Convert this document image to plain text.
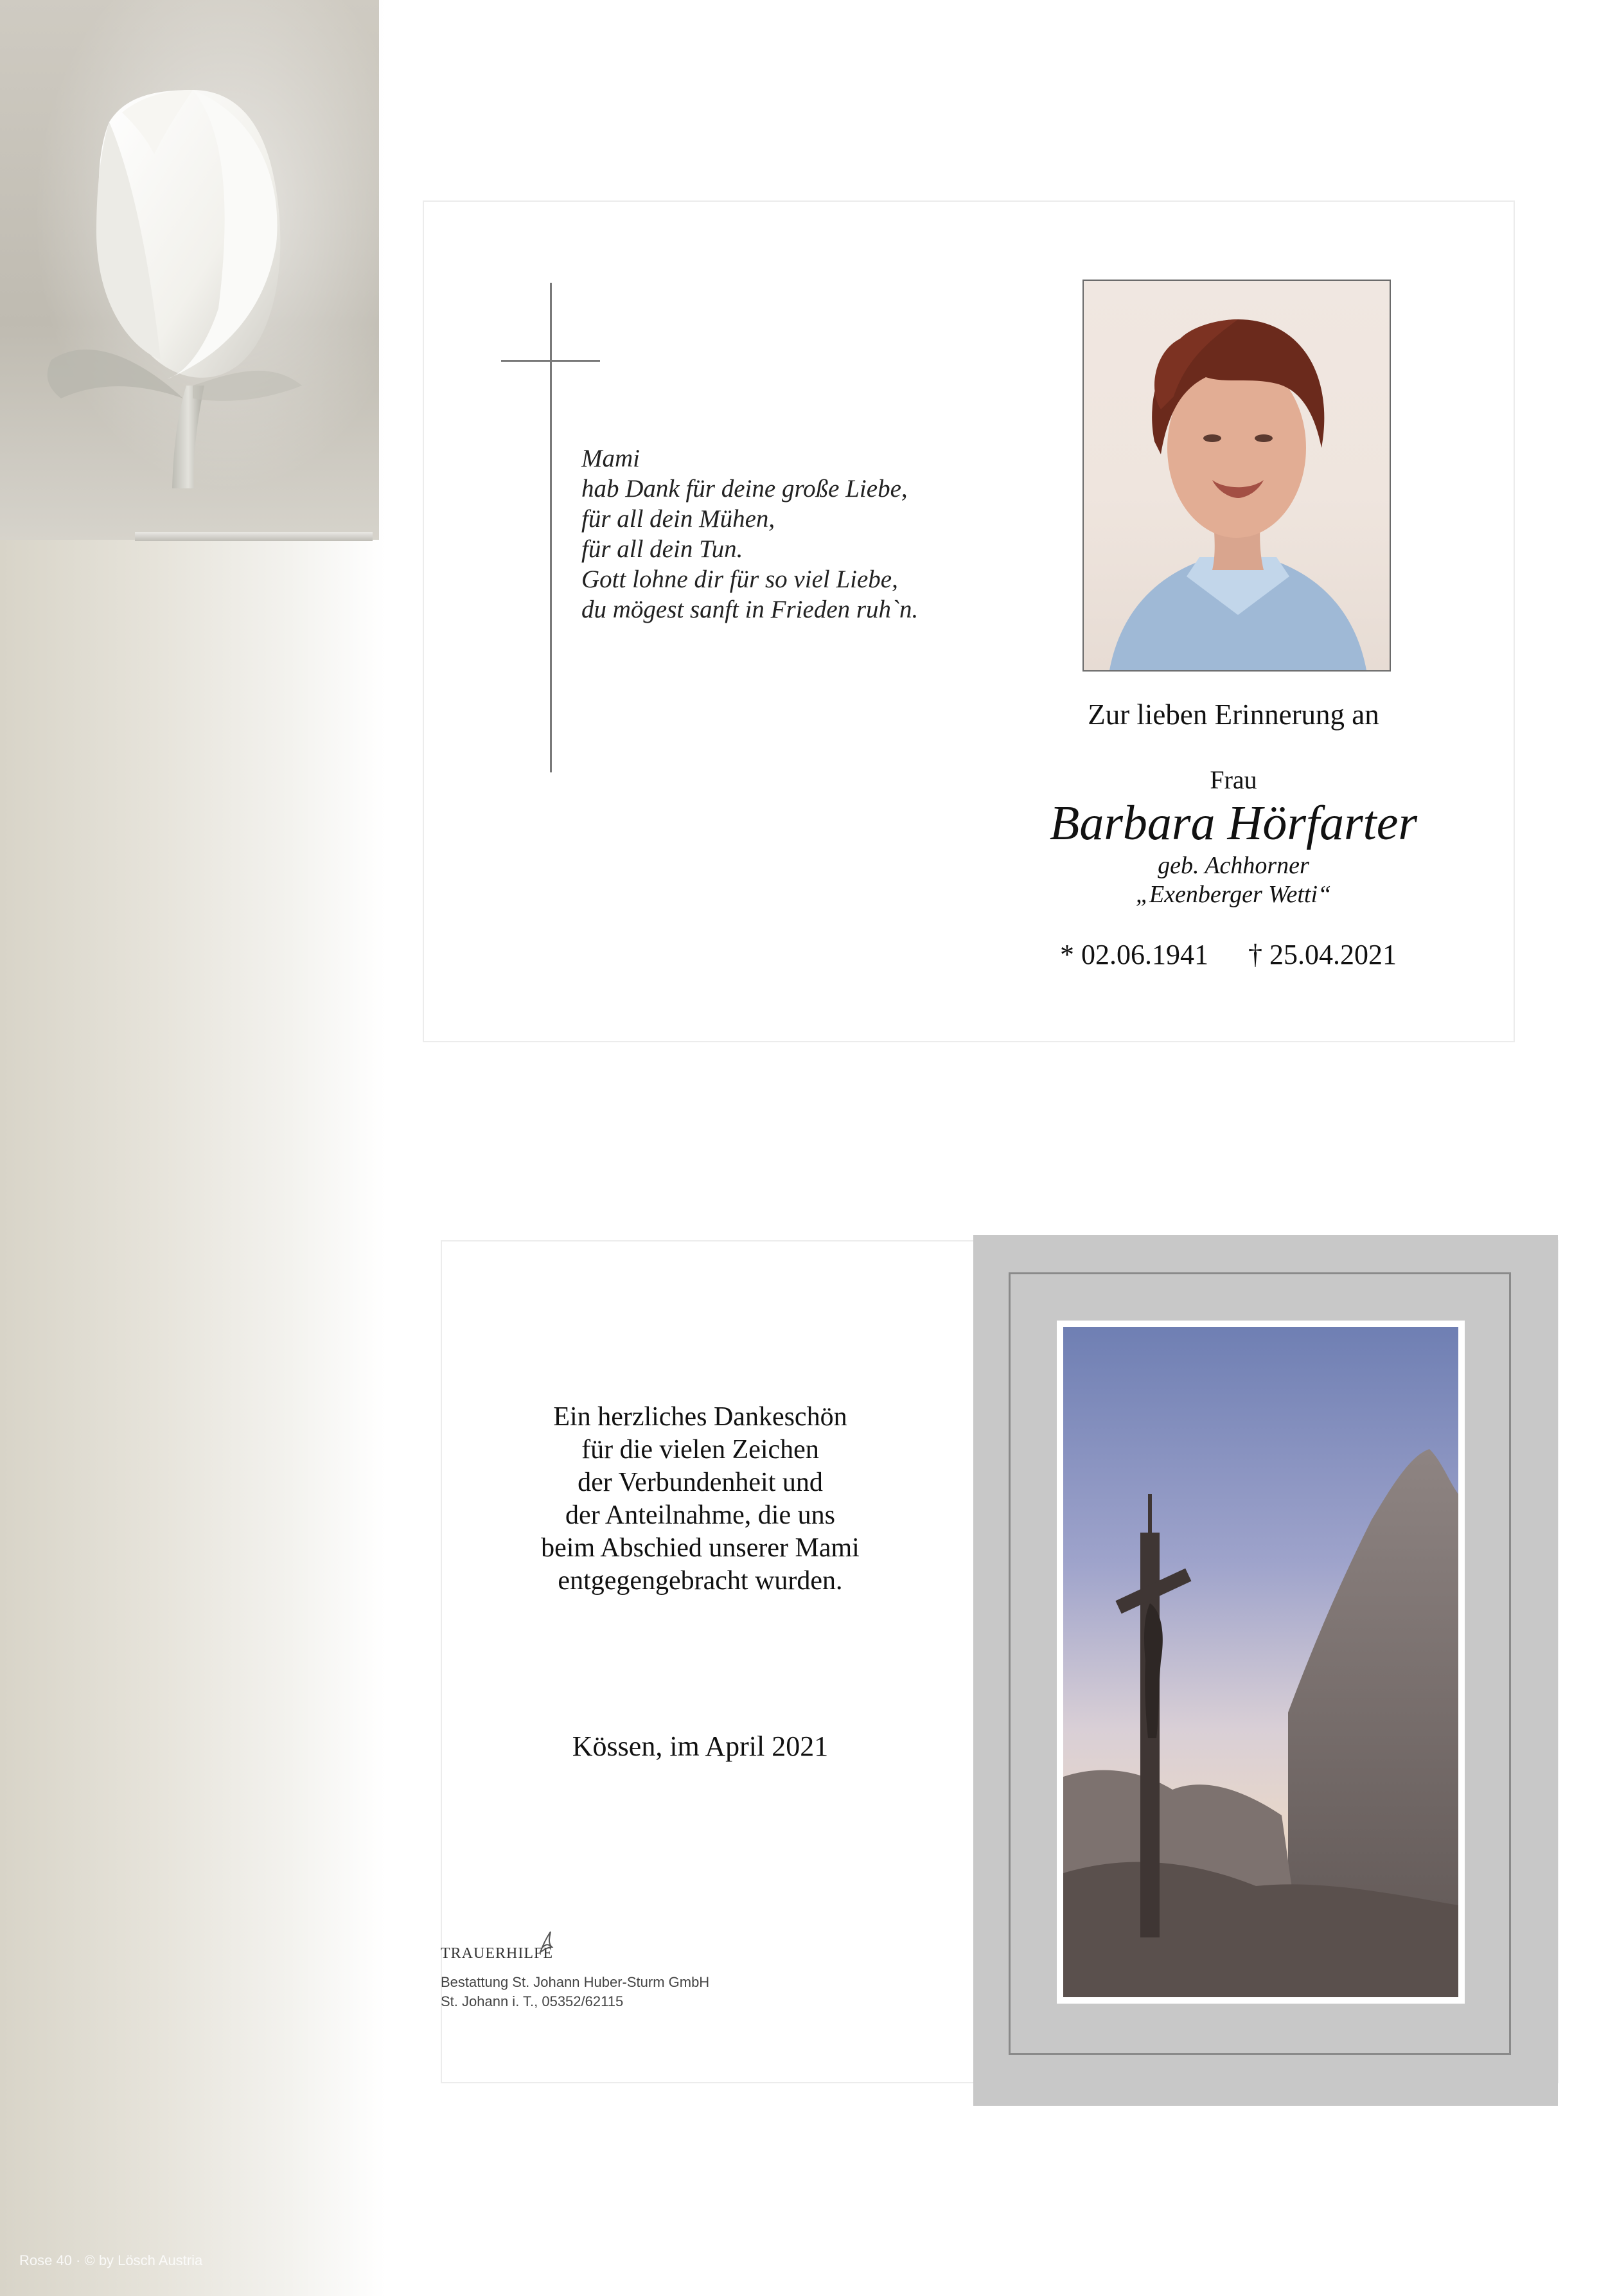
Rose 40 · © by Lösch Austria
Mami
hab Dank für deine große Liebe,
für all dein Mühen,
für all dein Tun.
Gott lohne dir für so viel Liebe,
du mögest sanft in Frieden ruh`n.
Zur lieben Erinnerung an
Frau
Barbara Hörfarter
geb. Achhorner
„Exenberger Wetti“
* 02.06.1941 † 25.04.2021
Ein herzliches Dankeschön
für die vielen Zeichen
der Verbundenheit und
der Anteilnahme, die uns
beim Abschied unserer Mami
entgegengebracht wurden.
Kössen, im April 2021
TRAUERHILFE
Bestattung St. Johann Huber-Sturm GmbH
St. Johann i. T., 05352/62115
